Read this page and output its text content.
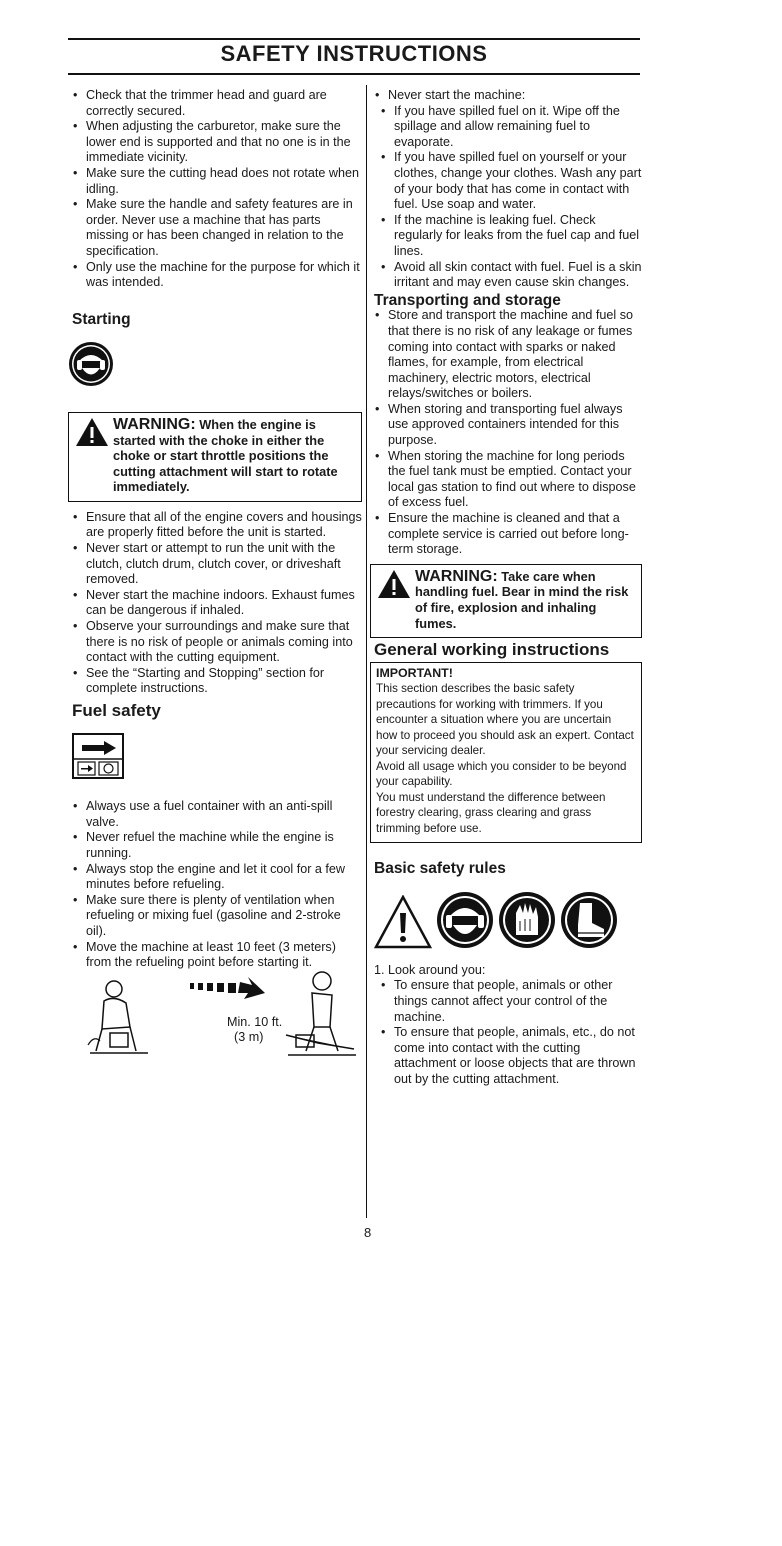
SAFETY INSTRUCTIONS
• Check that the trimmer head and guard are correctly secured.
• When adjusting the carburetor, make sure the lower end is supported and that no one is in the immediate vicinity.
• Make sure the cutting head does not rotate when idling.
• Make sure the handle and safety features are in order. Never use a machine that has parts missing or has been changed in relation to the specification.
• Only use the machine for the purpose for which it was intended.
Starting
WARNING: When the engine is started with the choke in either the choke or start throttle positions the cutting attachment will start to rotate immediately.
• Ensure that all of the engine covers and housings are properly fitted before the unit is started.
• Never start or attempt to run the unit with the clutch, clutch drum, clutch cover, or driveshaft removed.
• Never start the machine indoors. Exhaust fumes can be dangerous if inhaled.
• Observe your surroundings and make sure that there is no risk of people or animals coming into contact with the cutting equipment.
• See the “Starting and Stopping” section for complete instructions.
Fuel safety
• Always use a fuel container with an anti-spill valve.
• Never refuel the machine while the engine is running.
• Always stop the engine and let it cool for a few minutes before refueling.
• Make sure there is plenty of ventilation when refueling or mixing fuel (gasoline and 2-stroke oil).
• Move the machine at least 10 feet (3 meters) from the refueling point before starting it.
Min. 10 ft.
(3 m)
• Never start the machine:
• If you have spilled fuel on it. Wipe off the spillage and allow remaining fuel to evaporate.
• If you have spilled fuel on yourself or your clothes, change your clothes. Wash any part of your body that has come in contact with fuel. Use soap and water.
• If the machine is leaking fuel. Check regularly for leaks from the fuel cap and fuel lines.
• Avoid all skin contact with fuel. Fuel is a skin irritant and may even cause skin changes.
Transporting and storage
• Store and transport the machine and fuel so that there is no risk of any leakage or fumes coming into contact with sparks or naked flames, for example, from electrical machinery, electric motors, electrical relays/switches or boilers.
• When storing and transporting fuel always use approved containers intended for this purpose.
• When storing the machine for long periods the fuel tank must be emptied. Contact your local gas station to find out where to dispose of excess fuel.
• Ensure the machine is cleaned and that a complete service is carried out before long-term storage.
WARNING: Take care when handling fuel. Bear in mind the risk of fire, explosion and inhaling fumes.
General working instructions
IMPORTANT!
This section describes the basic safety precautions for working with trimmers. If you encounter a situation where you are uncertain how to proceed you should ask an expert. Contact your servicing dealer.
Avoid all usage which you consider to be beyond your capability.
You must understand the difference between forestry clearing, grass clearing and grass trimming before use.
Basic safety rules
1. Look around you:
• To ensure that people, animals or other things cannot affect your control of the machine.
• To ensure that people, animals, etc., do not come into contact with the cutting attachment or loose objects that are thrown out by the cutting attachment.
8
